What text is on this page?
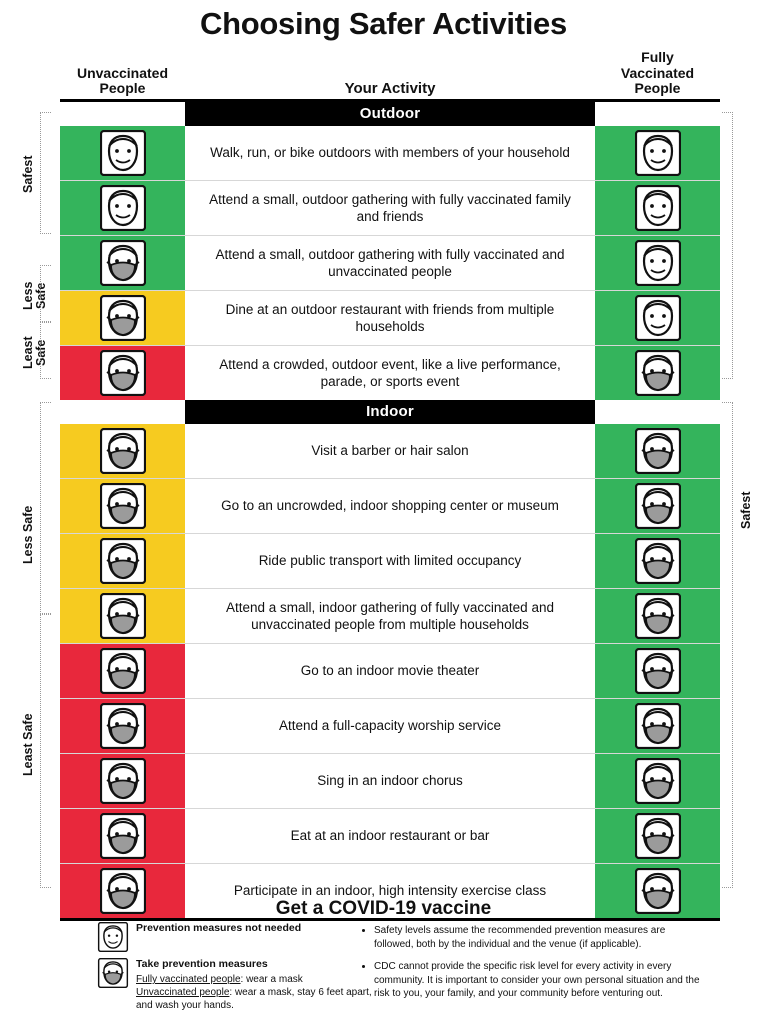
Choosing Safer Activities
Unvaccinated
People	Your Activity
Fully
Vaccinated
People
Outdoor
Walk, run, or bike outdoors with members of your household
Attend a small, outdoor gathering with fully vaccinated family and friends
Attend a small, outdoor gathering with fully vaccinated and unvaccinated people
Dine at an outdoor restaurant with friends from multiple households
Attend a crowded, outdoor event, like a live performance, parade, or sports event
Indoor
Visit a barber or hair salon
Go to an uncrowded, indoor shopping center or museum
Ride public transport with limited occupancy
Attend a small, indoor gathering of fully vaccinated and unvaccinated people from multiple households
Go to an indoor movie theater
Attend a full-capacity worship service
Sing in an indoor chorus
Eat at an indoor restaurant or bar
Participate in an indoor, high intensity exercise class
Safest
Less Safe
Least Safe
Less Safe
Least Safe
Safest
Get a COVID-19 vaccine
Prevention measures not needed
Take prevention measures
Fully vaccinated people: wear a mask
Unvaccinated people: wear a mask, stay 6 feet apart, and wash your hands.
• Safety levels assume the recommended prevention measures are followed, both by the individual and the venue (if applicable).
• CDC cannot provide the specific risk level for every activity in every community. It is important to consider your own personal situation and the risk to you, your family, and your community before venturing out.
